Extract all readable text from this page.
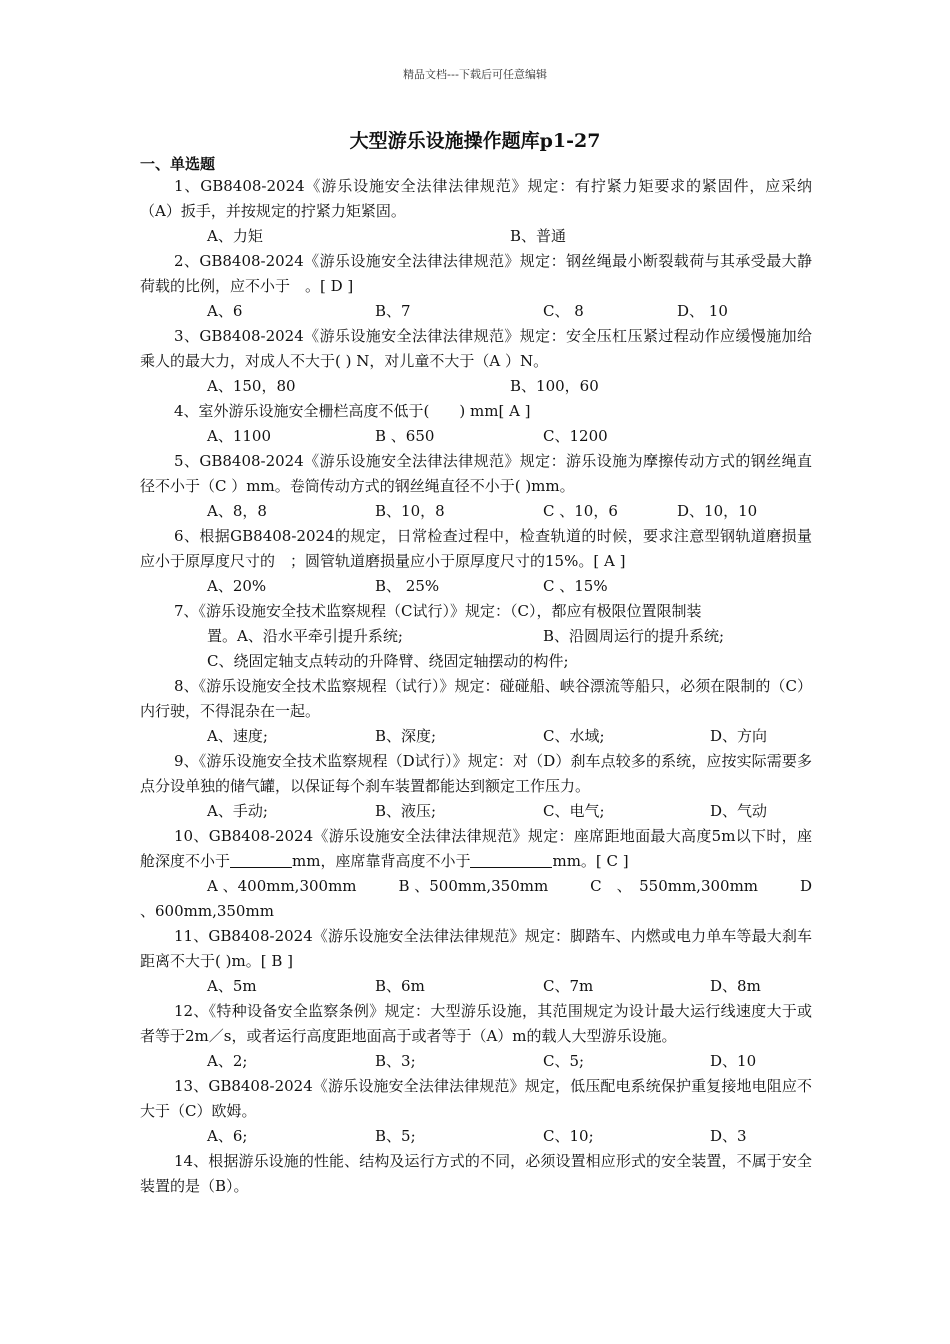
精品文档---下载后可任意编辑
大型游乐设施操作题库p1-27
一、单选题
1、GB8408-2024《游乐设施安全法律法律规范》规定：有拧紧力矩要求的紧固件，应采纳（A）扳手，并按规定的拧紧力矩紧固。
A、力矩	B、普通
2、GB8408-2024《游乐设施安全法律法律规范》规定：钢丝绳最小断裂载荷与其承受最大静荷载的比例，应不小于　。[ D ]
A、6	B、7	C、 8	D、 10
3、GB8408-2024《游乐设施安全法律法律规范》规定：安全压杠压紧过程动作应缓慢施加给乘人的最大力，对成人不大于( ) N，对儿童不大于（A ）N。
A、150，80	B、100，60
4、室外游乐设施安全栅栏高度不低于(　　) mm[ A ]
A、1100	B 、650	C、1200
5、GB8408-2024《游乐设施安全法律法律规范》规定：游乐设施为摩擦传动方式的钢丝绳直径不小于（C ）mm。卷筒传动方式的钢丝绳直径不小于( )mm。
A、8，8	B、10，8	C 、10，6	D、10，10
6、根据GB8408-2024的规定，日常检查过程中，检查轨道的时候，要求注意型钢轨道磨损量应小于原厚度尺寸的　；圆管轨道磨损量应小于原厚度尺寸的15%。[ A ]
A、20%	B、 25%	C 、15%
7、《游乐设施安全技术监察规程（C试行）》规定：（C），都应有极限位置限制装
置。A、沿水平牵引提升系统;	B、沿圆周运行的提升系统;
C、绕固定轴支点转动的升降臂、绕固定轴摆动的构件;
8、《游乐设施安全技术监察规程（试行）》规定：碰碰船、峡谷漂流等船只，必须在限制的（C）内行驶，不得混杂在一起。
A、速度;	B、深度;	C、水域;	D、方向
9、《游乐设施安全技术监察规程（D试行）》规定：对（D）刹车点较多的系统，应按实际需要多点分设单独的储气罐，以保证每个刹车装置都能达到额定工作压力。
A、手动;	B、液压;	C、电气;	D、气动
10、GB8408-2024《游乐设施安全法律法律规范》规定：座席距地面最大高度5m以下时，座舱深度不小于	mm，座席靠背高度不小于	mm。[ C ]
A 、400mm,300mm	B 、500mm,350mm	C　、　550mm,300mm	D
、600mm,350mm
11、GB8408-2024《游乐设施安全法律法律规范》规定：脚踏车、内燃或电力单车等最大刹车距离不大于( )m。[ B ]
A、5m	B、6m	C、7m	D、8m
12、《特种设备安全监察条例》规定：大型游乐设施，其范围规定为设计最大运行线速度大于或者等于2m／s，或者运行高度距地面高于或者等于（A）m的载人大型游乐设施。
A、2;	B、3;	C、5;	D、10
13、GB8408-2024《游乐设施安全法律法律规范》规定，低压配电系统保护重复接地电阻应不大于（C）欧姆。
A、6;	B、5;	C、10;	D、3
14、根据游乐设施的性能、结构及运行方式的不同，必须设置相应形式的安全装置，不属于安全装置的是（B）。
